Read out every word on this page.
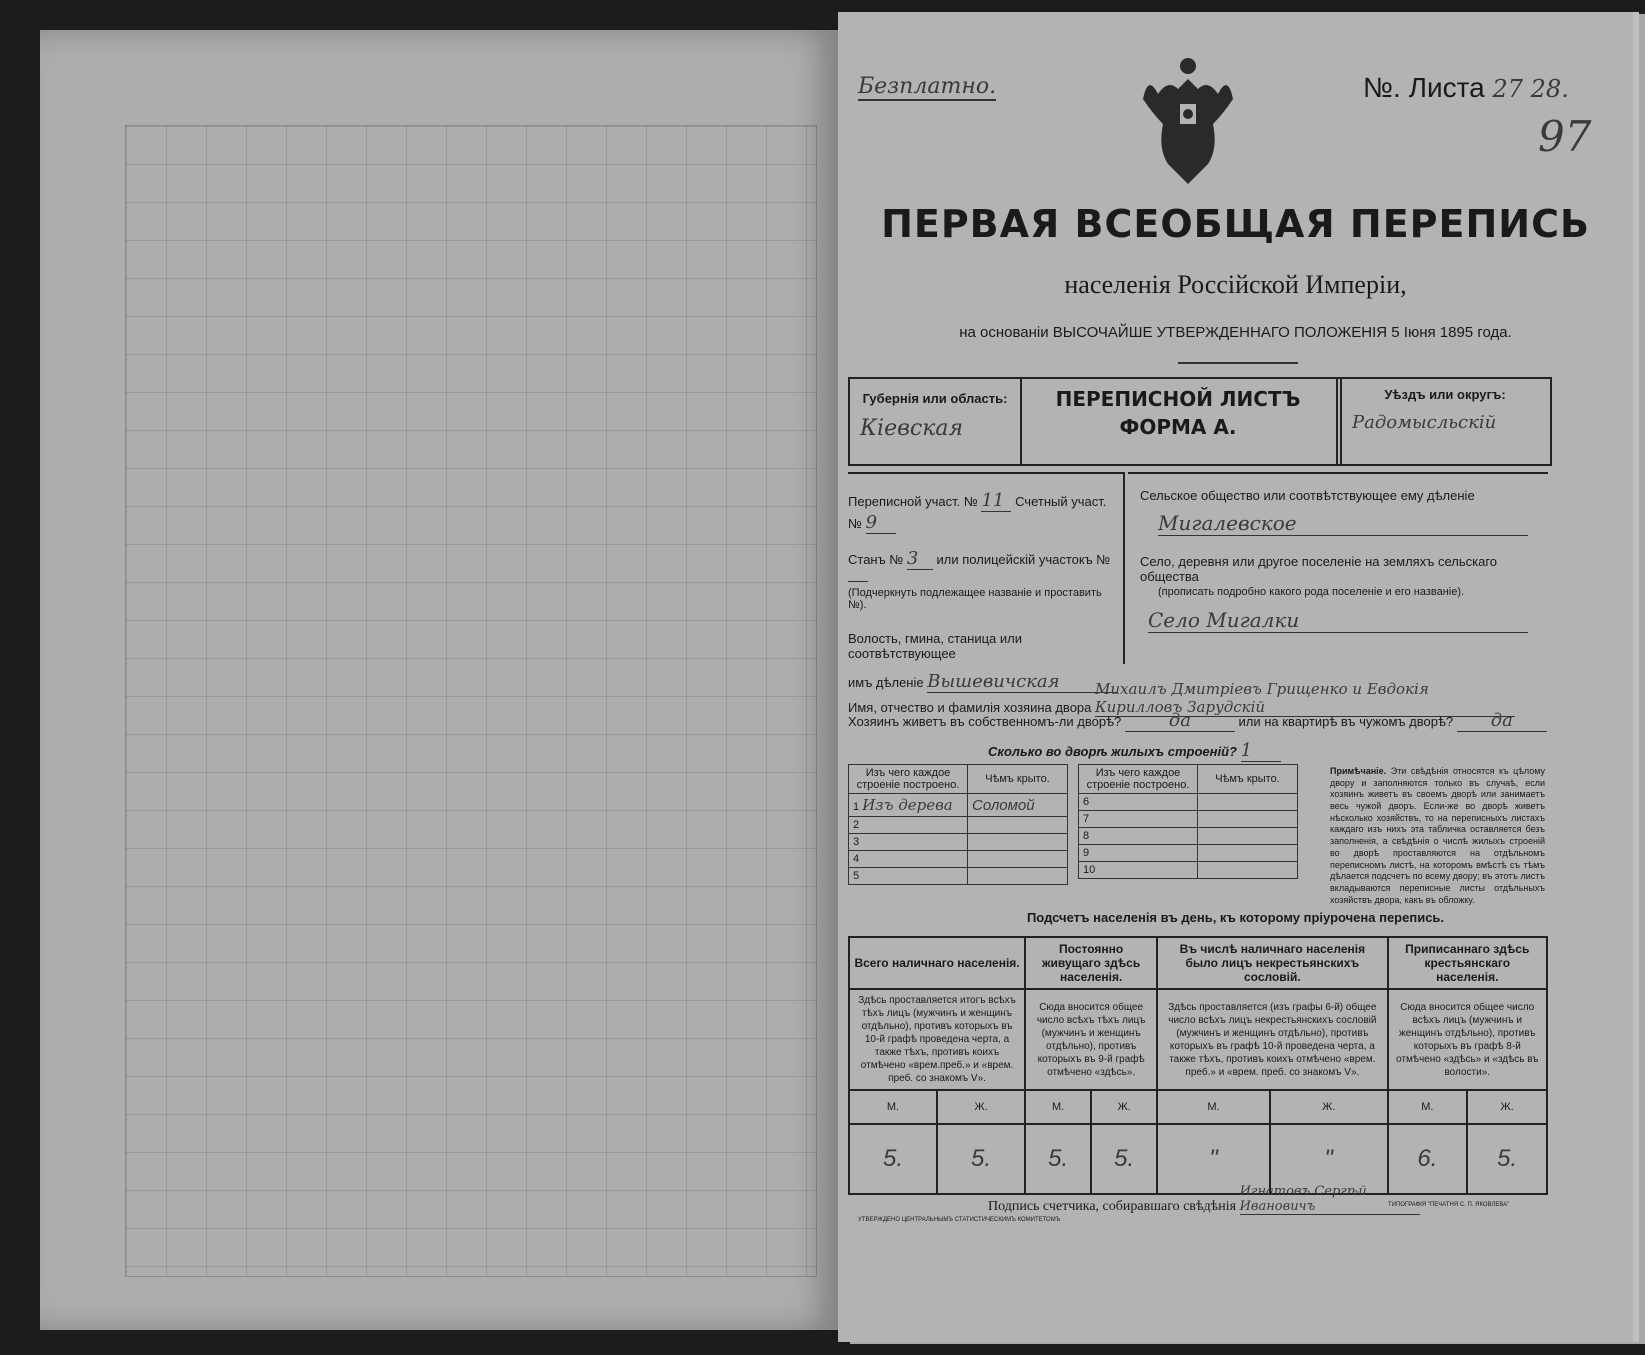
Безплатно.	№. Листа 27 28.
97
ПЕРВАЯ ВСЕОБЩАЯ ПЕРЕПИСЬ
населенія Россійской Имперіи,
на основаніи ВЫСОЧАЙШЕ УТВЕРЖДЕННАГО ПОЛОЖЕНІЯ 5 Іюня 1895 года.
Губернія или область:
Кіевская
ПЕРЕПИСНОЙ ЛИСТЪ
ФОРМА А.
Уѣздъ или округъ:
Радомысльскій
Переписной участ. № 11 Счетный участ. № 9
Станъ № 3 или полицейскій участокъ №
(Подчеркнуть подлежащее названіе и проставить №).
Волость, гмина, станица или соотвѣтствующее
имъ дѣленіе Вышевичская
Сельское общество или соотвѣтствующее ему дѣленіе
Мигалевское
Село, деревня или другое поселеніе на земляхъ сельскаго общества
(прописать подробно какого рода поселеніе и его названіе).
Село Мигалки
Имя, отчество и фамилія хозяина двора Михаилъ Дмитріевъ Грищенко и Евдокія Кирилловъ Зарудскій
Хозяинъ живетъ въ собственномъ-ли дворѣ?	да	или на квартирѣ въ чужомъ дворѣ? да
Сколько во дворѣ жилыхъ строеній? 1
Изъ чего каждое строеніе построено.	Чѣмъ крыто.
1 Изъ дерева	Соломой
2	
3	
4	
5	
Изъ чего каждое строеніе построено.	Чѣмъ крыто.
6	
7	
8	
9	
10	
Примѣчаніе. Эти свѣдѣнія относятся къ цѣлому двору и заполняются только въ случаѣ, если хозяинъ живетъ въ своемъ дворѣ или занимаетъ весь чужой дворъ. Если-же во дворѣ живетъ нѣсколько хозяйствъ, то на переписныхъ листахъ каждаго изъ нихъ эта табличка оставляется безъ заполненія, а свѣдѣнія о числѣ жилыхъ строеній во дворѣ проставляются на отдѣльномъ переписномъ листѣ, на которомъ вмѣстѣ съ тѣмъ дѣлается подсчетъ по всему двору; въ этотъ листъ вкладываются переписные листы отдѣльныхъ хозяйствъ двора, какъ въ обложку.
Подсчетъ населенія въ день, къ которому пріурочена перепись.
Всего наличнаго населенія.		Постоянно живущаго здѣсь населенія.		Въ числѣ наличнаго населенія было лицъ некрестьянскихъ сословій.		Приписаннаго здѣсь крестьянскаго населенія.	
Здѣсь проставляется итогъ всѣхъ тѣхъ лицъ (мужчинъ и женщинъ отдѣльно), противъ которыхъ въ 10-й графѣ проведена черта, а также тѣхъ, противъ коихъ отмѣчено «врем.преб.» и «врем. преб. со знакомъ V».		Сюда вносится общее число всѣхъ тѣхъ лицъ (мужчинъ и женщинъ отдѣльно), противъ которыхъ въ 9-й графѣ отмѣчено «здѣсь».		Здѣсь проставляется (изъ графы 6-й) общее число всѣхъ лицъ некрестьянскихъ сословій (мужчинъ и женщинъ отдѣльно), противъ которыхъ въ графѣ 10-й проведена черта, а также тѣхъ, противъ коихъ отмѣчено «врем. преб.» и «врем. преб. со знакомъ V».		Сюда вносится общее число всѣхъ лицъ (мужчинъ и женщинъ отдѣльно), противъ которыхъ въ графѣ 8-й отмѣчено «здѣсь» и «здѣсь въ волости».	
М.	Ж.	М.	Ж.	М.	Ж.	М.	Ж.
5.	5.	5.	5.	"	"	6.	5.
Подпись счетчика, собиравшаго свѣдѣнія Игнатовъ Сергѣй Ивановичъ
УТВЕРЖДЕНО ЦЕНТРАЛЬНЫМЪ СТАТИСТИЧЕСКИМЪ КОМИТЕТОМЪ
ТИПОГРАФІЯ "ПЕЧАТНЯ С. П. ЯКОВЛЕВА"
